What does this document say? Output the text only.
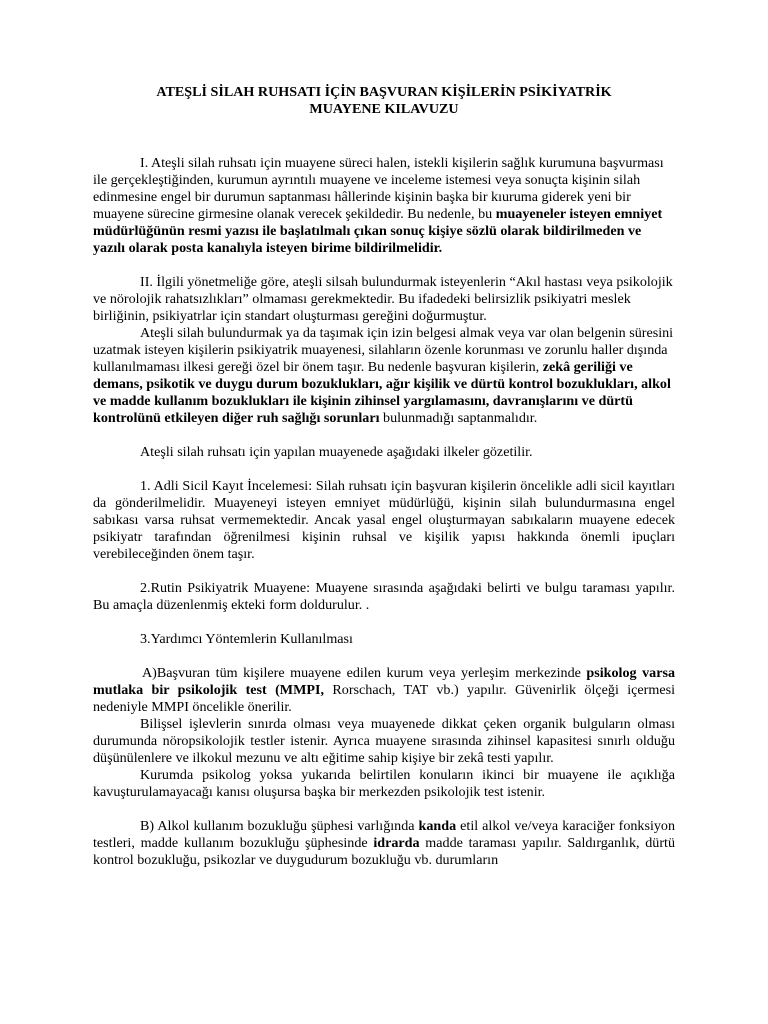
ATEŞLİ SİLAH RUHSATI İÇİN BAŞVURAN KİŞİLERİN PSİKİYATRİK
MUAYENE KILAVUZU

I. Ateşli silah ruhsatı için muayene süreci halen, istekli kişilerin sağlık kurumuna başvurması ile gerçekleştiğinden, kurumun ayrıntılı muayene ve inceleme istemesi veya sonuçta kişinin silah edinmesine engel bir durumun saptanması hâllerinde kişinin başka bir kıuruma giderek yeni bir muayene sürecine girmesine olanak verecek şekildedir. Bu nedenle, bu muayeneler isteyen emniyet müdürlüğünün resmi yazısı ile başlatılmalı çıkan sonuç kişiye sözlü olarak bildirilmeden ve yazılı olarak posta kanalıyla isteyen birime bildirilmelidir.

II. İlgili yönetmeliğe göre, ateşli silsah bulundurmak isteyenlerin “Akıl hastası veya psikolojik ve nörolojik rahatsızlıkları” olmaması gerekmektedir. Bu ifadedeki belirsizlik psikiyatri meslek birliğinin, psikiyatrlar için standart oluşturması gereğini doğurmuştur.

Ateşli silah bulundurmak ya da taşımak için izin belgesi almak veya var olan belgenin süresini uzatmak isteyen kişilerin psikiyatrik muayenesi, silahların özenle korunması ve zorunlu haller dışında kullanılmaması ilkesi gereği özel bir önem taşır. Bu nedenle başvuran kişilerin, zekâ geriliği ve demans, psikotik ve duygu durum bozuklukları, ağır kişilik ve dürtü kontrol bozuklukları, alkol ve madde kullanım bozuklukları ile kişinin zihinsel yargılamasını, davranışlarını ve dürtü kontrolünü etkileyen diğer ruh sağlığı sorunları bulunmadığı saptanmalıdır.

Ateşli silah ruhsatı için yapılan muayenede aşağıdaki ilkeler gözetilir.

1. Adli Sicil Kayıt İncelemesi: Silah ruhsatı için başvuran kişilerin öncelikle adli sicil kayıtları da gönderilmelidir. Muayeneyi isteyen emniyet müdürlüğü, kişinin silah bulundurmasına engel sabıkası varsa ruhsat vermemektedir. Ancak yasal engel oluşturmayan sabıkaların muayene edecek psikiyatr tarafından öğrenilmesi kişinin ruhsal ve kişilik yapısı hakkında önemli ipuçları verebileceğinden önem taşır.

2.Rutin Psikiyatrik Muayene: Muayene sırasında aşağıdaki belirti ve bulgu taraması yapılır. Bu amaçla düzenlenmiş ekteki form doldurulur. .

3.Yardımcı Yöntemlerin Kullanılması

A)Başvuran tüm kişilere muayene edilen kurum veya yerleşim merkezinde psikolog varsa mutlaka bir psikolojik test (MMPI, Rorschach, TAT vb.) yapılır. Güvenirlik ölçeği içermesi nedeniyle MMPI öncelikle önerilir.

Bilişsel işlevlerin sınırda olması veya muayenede dikkat çeken organik bulguların olması durumunda nöropsikolojik testler istenir. Ayrıca muayene sırasında zihinsel kapasitesi sınırlı olduğu düşünülenlere ve ilkokul mezunu ve altı eğitime sahip kişiye bir zekâ testi yapılır.

Kurumda psikolog yoksa yukarıda belirtilen konuların ikinci bir muayene ile açıklığa kavuşturulamayacağı kanısı oluşursa başka bir merkezden psikolojik test istenir.

B) Alkol kullanım bozukluğu şüphesi varlığında kanda etil alkol ve/veya karaciğer fonksiyon testleri, madde kullanım bozukluğu şüphesinde idrarda madde taraması yapılır. Saldırganlık, dürtü kontrol bozukluğu, psikozlar ve duygudurum bozukluğu vb. durumların
